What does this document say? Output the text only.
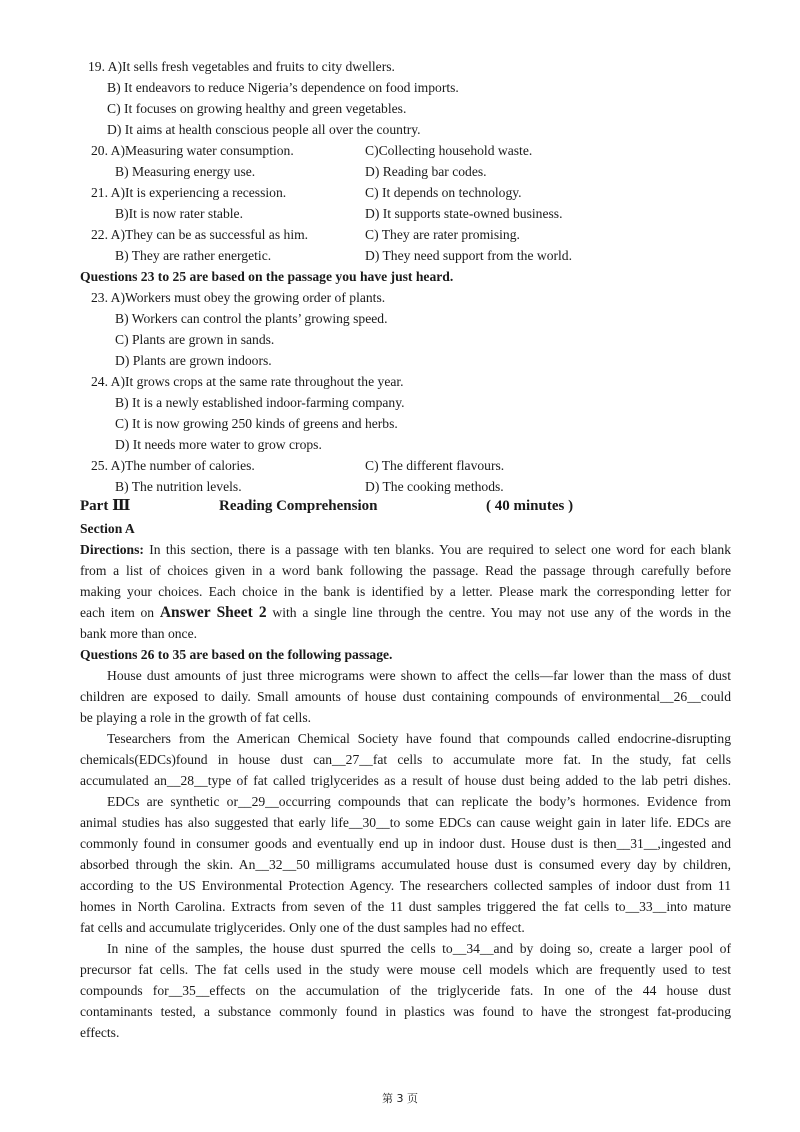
19. A)It sells fresh vegetables and fruits to city dwellers.
B) It endeavors to reduce Nigeria’s dependence on food imports.
C) It focuses on growing healthy and green vegetables.
D) It aims at health conscious people all over the country.
20. A)Measuring water consumption.	C)Collecting household waste.
B) Measuring energy use.	D) Reading bar codes.
21. A)It is experiencing a recession.	C) It depends on technology.
B)It is now rater stable.	D) It supports state-owned business.
22. A)They can be as successful as him.	C) They are rater promising.
B) They are rather energetic.	D) They need support from the world.
Questions 23 to 25 are based on the passage you have just heard.
23. A)Workers must obey the growing order of plants.
B) Workers can control the plants’ growing speed.
C) Plants are grown in sands.
D) Plants are grown indoors.
24. A)It grows crops at the same rate throughout the year.
B) It is a newly established indoor-farming company.
C) It is now growing 250 kinds of greens and herbs.
D) It needs more water to grow crops.
25. A)The number of calories.	C) The different flavours.
B) The nutrition levels.	D) The cooking methods.
Part Ⅲ	Reading Comprehension	( 40 minutes )
Section A
Directions: In this section, there is a passage with ten blanks. You are required to select one word for each blank
from a list of choices given in a word bank following the passage. Read the passage through carefully before
making your choices. Each choice in the bank is identified by a letter. Please mark the corresponding letter for
each item on Answer Sheet 2 with a single line through the centre. You may not use any of the words in the
bank more than once.
Questions 26 to 35 are based on the following passage.
House dust amounts of just three micrograms were shown to affect the cells—far lower than the mass of dust
children are exposed to daily. Small amounts of house dust containing compounds of environmental__26__could
be playing a role in the growth of fat cells.
Tesearchers from the American Chemical Society have found that compounds called endocrine-disrupting
chemicals(EDCs)found in house dust can__27__fat cells to accumulate more fat. In the study, fat cells
accumulated an__28__type of fat called triglycerides as a result of house dust being added to the lab petri dishes.
EDCs are synthetic or__29__occurring compounds that can replicate the body’s hormones. Evidence from
animal studies has also suggested that early life__30__to some EDCs can cause weight gain in later life. EDCs are
commonly found in consumer goods and eventually end up in indoor dust. House dust is then__31__,ingested and
absorbed through the skin. An__32__50 milligrams accumulated house dust is consumed every day by children,
according to the US Environmental Protection Agency. The researchers collected samples of indoor dust from 11
homes in North Carolina. Extracts from seven of the 11 dust samples triggered the fat cells to__33__into mature
fat cells and accumulate triglycerides. Only one of the dust samples had no effect.
In nine of the samples, the house dust spurred the cells to__34__and by doing so, create a larger pool of
precursor fat cells. The fat cells used in the study were mouse cell models which are frequently used to test
compounds for__35__effects on the accumulation of the triglyceride fats. In one of the 44 house dust
contaminants tested, a substance commonly found in plastics was found to have the strongest fat-producing
effects.
第 3 页
